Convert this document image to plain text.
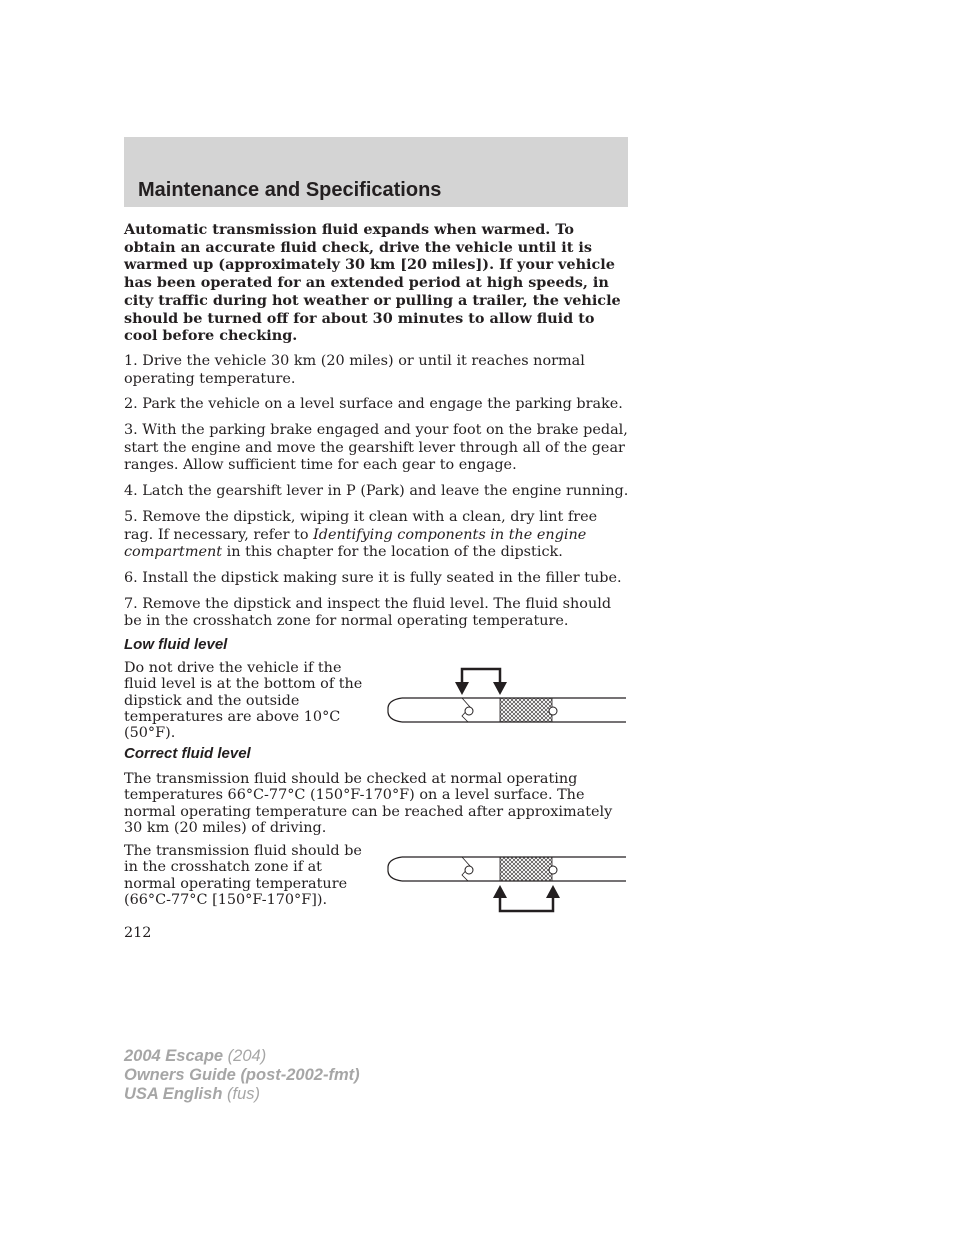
Maintenance and Specifications

Automatic transmission fluid expands when warmed. To obtain an accurate fluid check, drive the vehicle until it is warmed up (approximately 30 km [20 miles]). If your vehicle has been operated for an extended period at high speeds, in city traffic during hot weather or pulling a trailer, the vehicle should be turned off for about 30 minutes to allow fluid to cool before checking.

1. Drive the vehicle 30 km (20 miles) or until it reaches normal operating temperature.

2. Park the vehicle on a level surface and engage the parking brake.

3. With the parking brake engaged and your foot on the brake pedal, start the engine and move the gearshift lever through all of the gear ranges. Allow sufficient time for each gear to engage.

4. Latch the gearshift lever in P (Park) and leave the engine running.

5. Remove the dipstick, wiping it clean with a clean, dry lint free rag. If necessary, refer to Identifying components in the engine compartment in this chapter for the location of the dipstick.

6. Install the dipstick making sure it is fully seated in the filler tube.

7. Remove the dipstick and inspect the fluid level. The fluid should be in the crosshatch zone for normal operating temperature.

Low fluid level

Do not drive the vehicle if the fluid level is at the bottom of the dipstick and the outside temperatures are above 10°C (50°F).

Correct fluid level

The transmission fluid should be checked at normal operating temperatures 66°C-77°C (150°F-170°F) on a level surface. The normal operating temperature can be reached after approximately 30 km (20 miles) of driving.

The transmission fluid should be in the crosshatch zone if at normal operating temperature (66°C-77°C [150°F-170°F]).

212
2004 Escape (204)
Owners Guide (post-2002-fmt)
USA English (fus)
